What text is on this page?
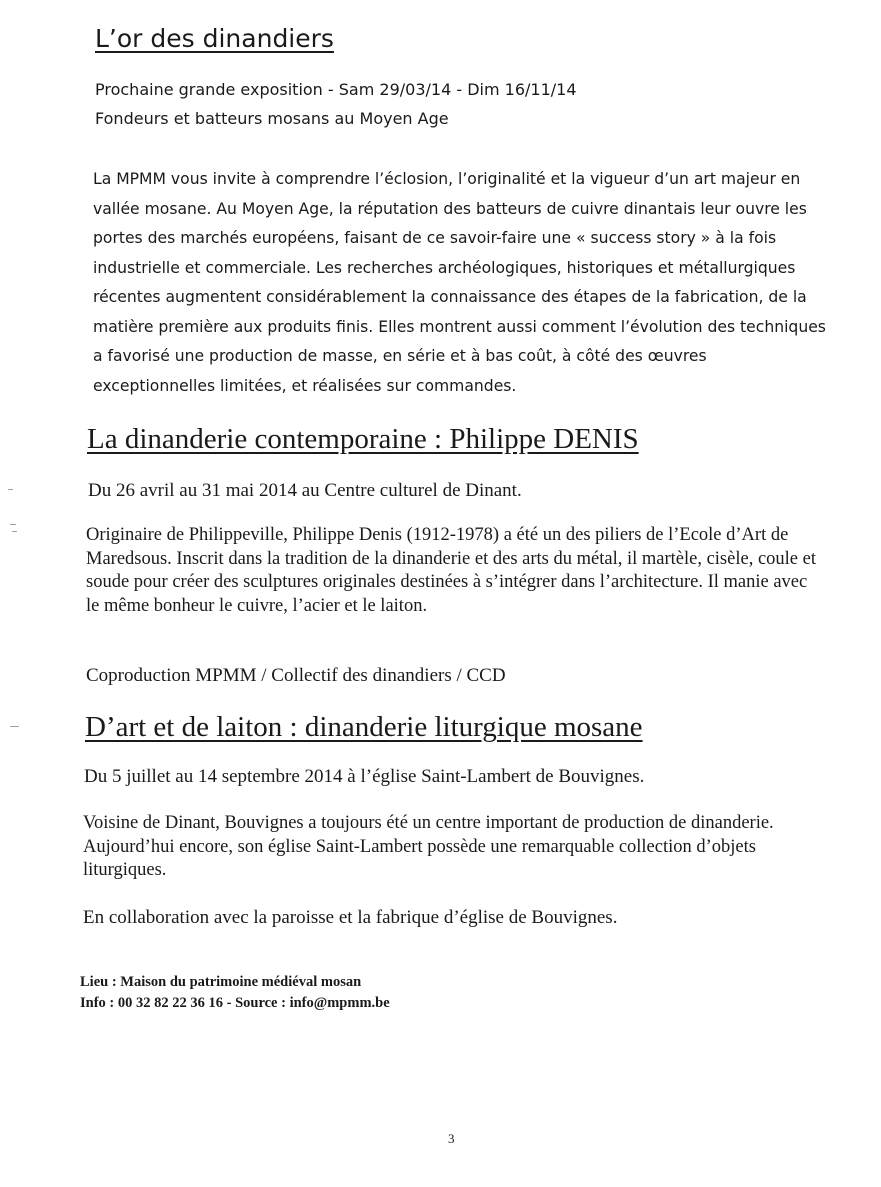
L’or des dinandiers

Prochaine grande exposition - Sam 29/03/14 - Dim 16/11/14

Fondeurs et batteurs mosans au Moyen Age

La MPMM vous invite à comprendre l’éclosion, l’originalité et la vigueur d’un art majeur en vallée mosane. Au Moyen Age, la réputation des batteurs de cuivre dinantais leur ouvre les portes des marchés européens, faisant de ce savoir-faire une « success story » à la fois industrielle et commerciale. Les recherches archéologiques, historiques et métallurgiques récentes augmentent considérablement la connaissance des étapes de la fabrication, de la matière première aux produits finis. Elles montrent aussi comment l’évolution des techniques a favorisé une production de masse, en série et à bas coût, à côté des œuvres exceptionnelles limitées, et réalisées sur commandes.

La dinanderie contemporaine : Philippe DENIS

Du 26 avril au 31 mai 2014 au Centre culturel de Dinant.

Originaire de Philippeville, Philippe Denis (1912-1978) a été un des piliers de l’Ecole d’Art de Maredsous. Inscrit dans la tradition de la dinanderie et des arts du métal, il martèle, cisèle, coule et soude pour créer des sculptures originales destinées à s’intégrer dans l’architecture. Il manie avec le même bonheur le cuivre, l’acier et le laiton.

Coproduction MPMM / Collectif des dinandiers / CCD

D’art et de laiton : dinanderie liturgique mosane

Du 5 juillet au 14 septembre 2014 à l’église Saint-Lambert de Bouvignes.

Voisine de Dinant, Bouvignes a toujours été un centre important de production de dinanderie. Aujourd’hui encore, son église Saint-Lambert possède une remarquable collection d’objets liturgiques.

En collaboration avec la paroisse et la fabrique d’église de Bouvignes.

Lieu : Maison du patrimoine médiéval mosan

Info : 00 32 82 22 36 16 - Source : info@mpmm.be

3
